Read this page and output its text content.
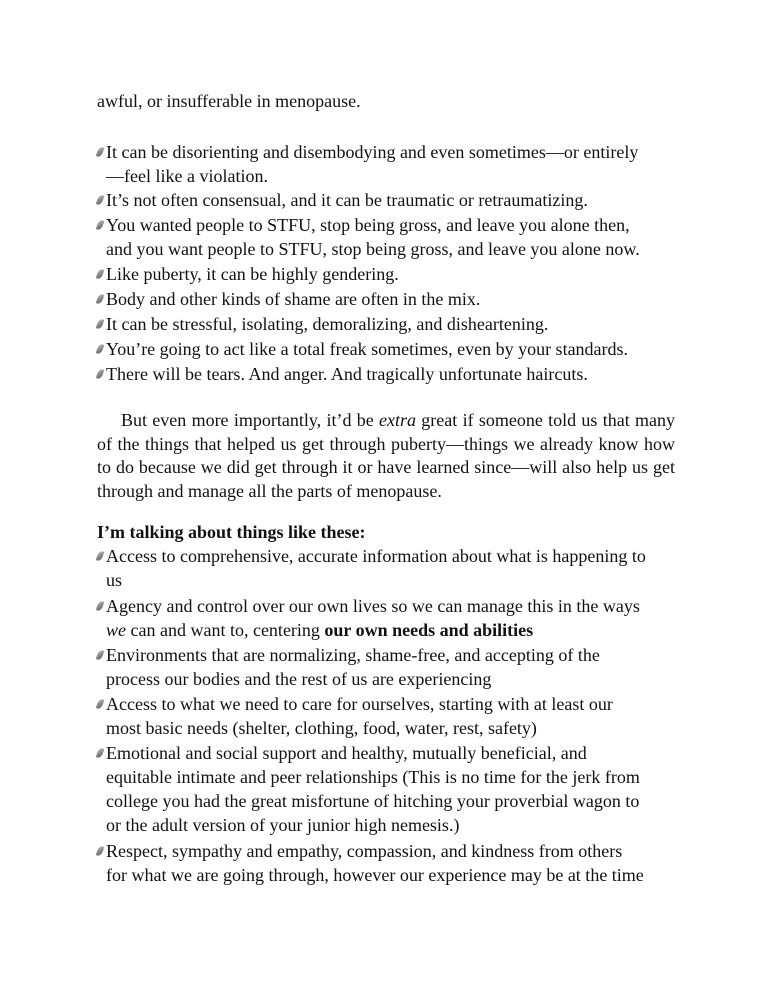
awful, or insufferable in menopause.
It can be disorienting and disembodying and even sometimes—or entirely
—feel like a violation.
It’s not often consensual, and it can be traumatic or retraumatizing.
You wanted people to STFU, stop being gross, and leave you alone then,
and you want people to STFU, stop being gross, and leave you alone now.
Like puberty, it can be highly gendering.
Body and other kinds of shame are often in the mix.
It can be stressful, isolating, demoralizing, and disheartening.
You’re going to act like a total freak sometimes, even by your standards.
There will be tears. And anger. And tragically unfortunate haircuts.
But even more importantly, it’d be extra great if someone told us that many of the things that helped us get through puberty—things we already know how to do because we did get through it or have learned since—will also help us get through and manage all the parts of menopause.
I’m talking about things like these:
Access to comprehensive, accurate information about what is happening to
us
Agency and control over our own lives so we can manage this in the ways
we can and want to, centering our own needs and abilities
Environments that are normalizing, shame-free, and accepting of the
process our bodies and the rest of us are experiencing
Access to what we need to care for ourselves, starting with at least our
most basic needs (shelter, clothing, food, water, rest, safety)
Emotional and social support and healthy, mutually beneficial, and
equitable intimate and peer relationships (This is no time for the jerk from
college you had the great misfortune of hitching your proverbial wagon to
or the adult version of your junior high nemesis.)
Respect, sympathy and empathy, compassion, and kindness from others
for what we are going through, however our experience may be at the time
